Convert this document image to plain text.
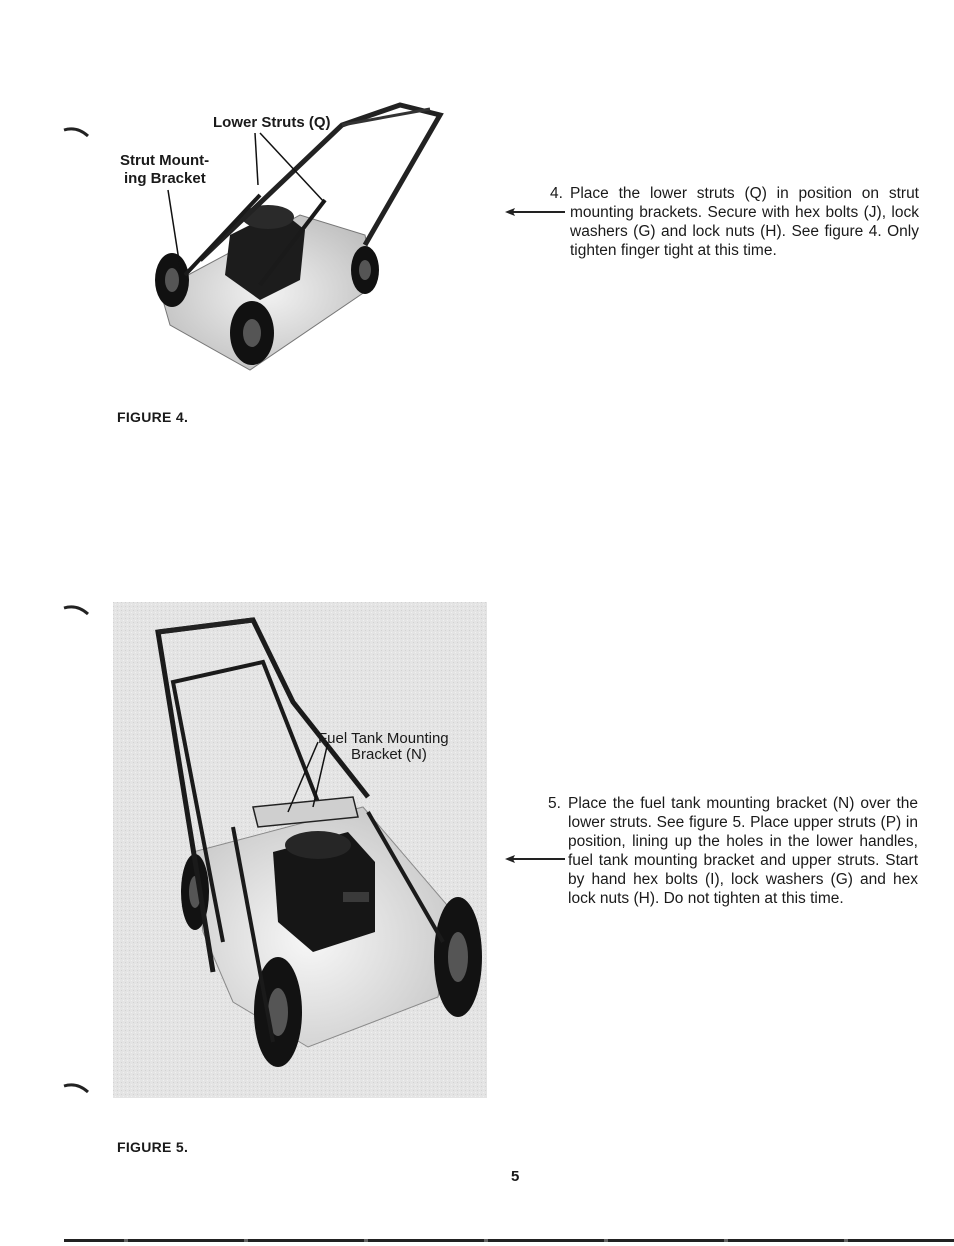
Lower Struts (Q)
Strut Mount-
ing Bracket
FIGURE 4.
4. Place the lower struts (Q) in position on strut mounting brackets. Secure with hex bolts (J), lock washers (G) and lock nuts (H). See figure 4. Only tighten finger tight at this time.
Fuel Tank Mounting
Bracket (N)
FIGURE 5.
5. Place the fuel tank mounting bracket (N) over the lower struts. See figure 5. Place upper struts (P) in position, lining up the holes in the lower handles, fuel tank mounting bracket and upper struts. Start by hand hex bolts (I), lock washers (G) and hex lock nuts (H). Do not tighten at this time.
5
